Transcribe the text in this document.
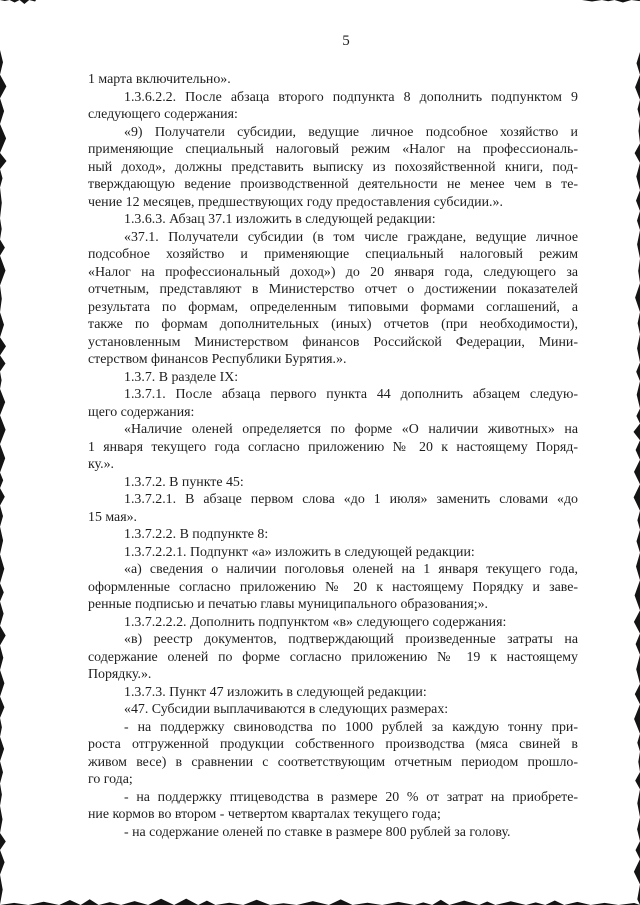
5
1 марта включительно».
1.3.6.2.2. После абзаца второго подпункта 8 дополнить подпунктом 9
следующего содержания:
«9) Получатели субсидии, ведущие личное подсобное хозяйство и
применяющие специальный налоговый режим «Налог на профессиональ-
ный доход», должны представить выписку из похозяйственной книги, под-
тверждающую ведение производственной деятельности не менее чем в те-
чение 12 месяцев, предшествующих году предоставления субсидии.».
1.3.6.3. Абзац 37.1 изложить в следующей редакции:
«37.1. Получатели субсидии (в том числе граждане, ведущие личное
подсобное хозяйство и применяющие специальный налоговый режим
«Налог на профессиональный доход») до 20 января года, следующего за
отчетным, представляют в Министерство отчет о достижении показателей
результата по формам, определенным типовыми формами соглашений, а
также по формам дополнительных (иных) отчетов (при необходимости),
установленным Министерством финансов Российской Федерации, Мини-
стерством финансов Республики Бурятия.».
1.3.7. В разделе IX:
1.3.7.1. После абзаца первого пункта 44 дополнить абзацем следую-
щего содержания:
«Наличие оленей определяется по форме «О наличии животных» на
1 января текущего года согласно приложению № 20 к настоящему Поряд-
ку.».
1.3.7.2. В пункте 45:
1.3.7.2.1. В абзаце первом слова «до 1 июля» заменить словами «до
15 мая».
1.3.7.2.2. В подпункте 8:
1.3.7.2.2.1. Подпункт «а» изложить в следующей редакции:
«а) сведения о наличии поголовья оленей на 1 января текущего года,
оформленные согласно приложению № 20 к настоящему Порядку и заве-
ренные подписью и печатью главы муниципального образования;».
1.3.7.2.2.2. Дополнить подпунктом «в» следующего содержания:
«в) реестр документов, подтверждающий произведенные затраты на
содержание оленей по форме согласно приложению № 19 к настоящему
Порядку.».
1.3.7.3. Пункт 47 изложить в следующей редакции:
«47. Субсидии выплачиваются в следующих размерах:
- на поддержку свиноводства по 1000 рублей за каждую тонну при-
роста отгруженной продукции собственного производства (мяса свиней в
живом весе) в сравнении с соответствующим отчетным периодом прошло-
го года;
- на поддержку птицеводства в размере 20 % от затрат на приобрете-
ние кормов во втором - четвертом кварталах текущего года;
- на содержание оленей по ставке в размере 800 рублей за голову.
